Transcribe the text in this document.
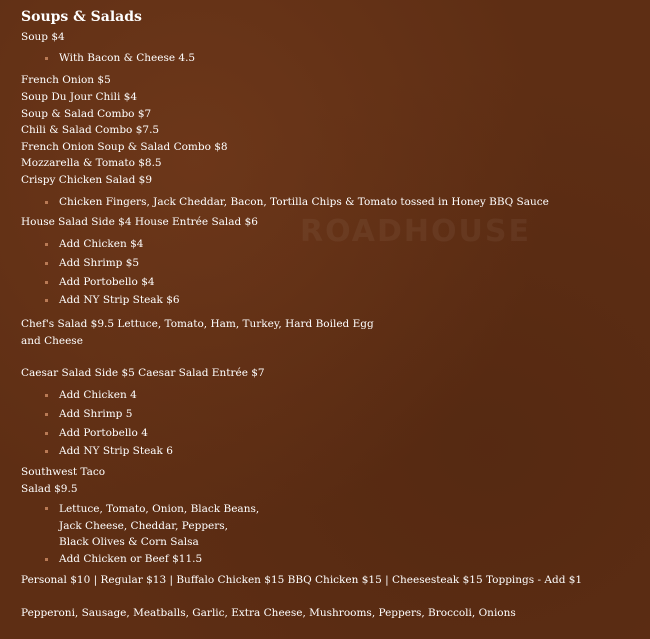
ROADHOUSE
Soups & Salads
Soup $4
With Bacon & Cheese 4.5
French Onion $5
Soup Du Jour Chili $4
Soup & Salad Combo $7
Chili & Salad Combo $7.5
French Onion Soup & Salad Combo $8
Mozzarella & Tomato $8.5
Crispy Chicken Salad $9
Chicken Fingers, Jack Cheddar, Bacon, Tortilla Chips & Tomato tossed in Honey BBQ Sauce
House Salad Side $4 House Entrée Salad $6
Add Chicken $4
Add Shrimp $5
Add Portobello $4
Add NY Strip Steak $6
Chef's Salad $9.5 Lettuce, Tomato, Ham, Turkey, Hard Boiled Egg
and Cheese
Caesar Salad Side $5 Caesar Salad Entrée $7
Add Chicken 4
Add Shrimp 5
Add Portobello 4
Add NY Strip Steak 6
Southwest Taco
Salad $9.5
Lettuce, Tomato, Onion, Black Beans,
Jack Cheese, Cheddar, Peppers,
Black Olives & Corn Salsa
Add Chicken or Beef $11.5
Personal $10 | Regular $13 | Buffalo Chicken $15 BBQ Chicken $15 | Cheesesteak $15 Toppings - Add $1
Pepperoni, Sausage, Meatballs, Garlic, Extra Cheese, Mushrooms, Peppers, Broccoli, Onions
